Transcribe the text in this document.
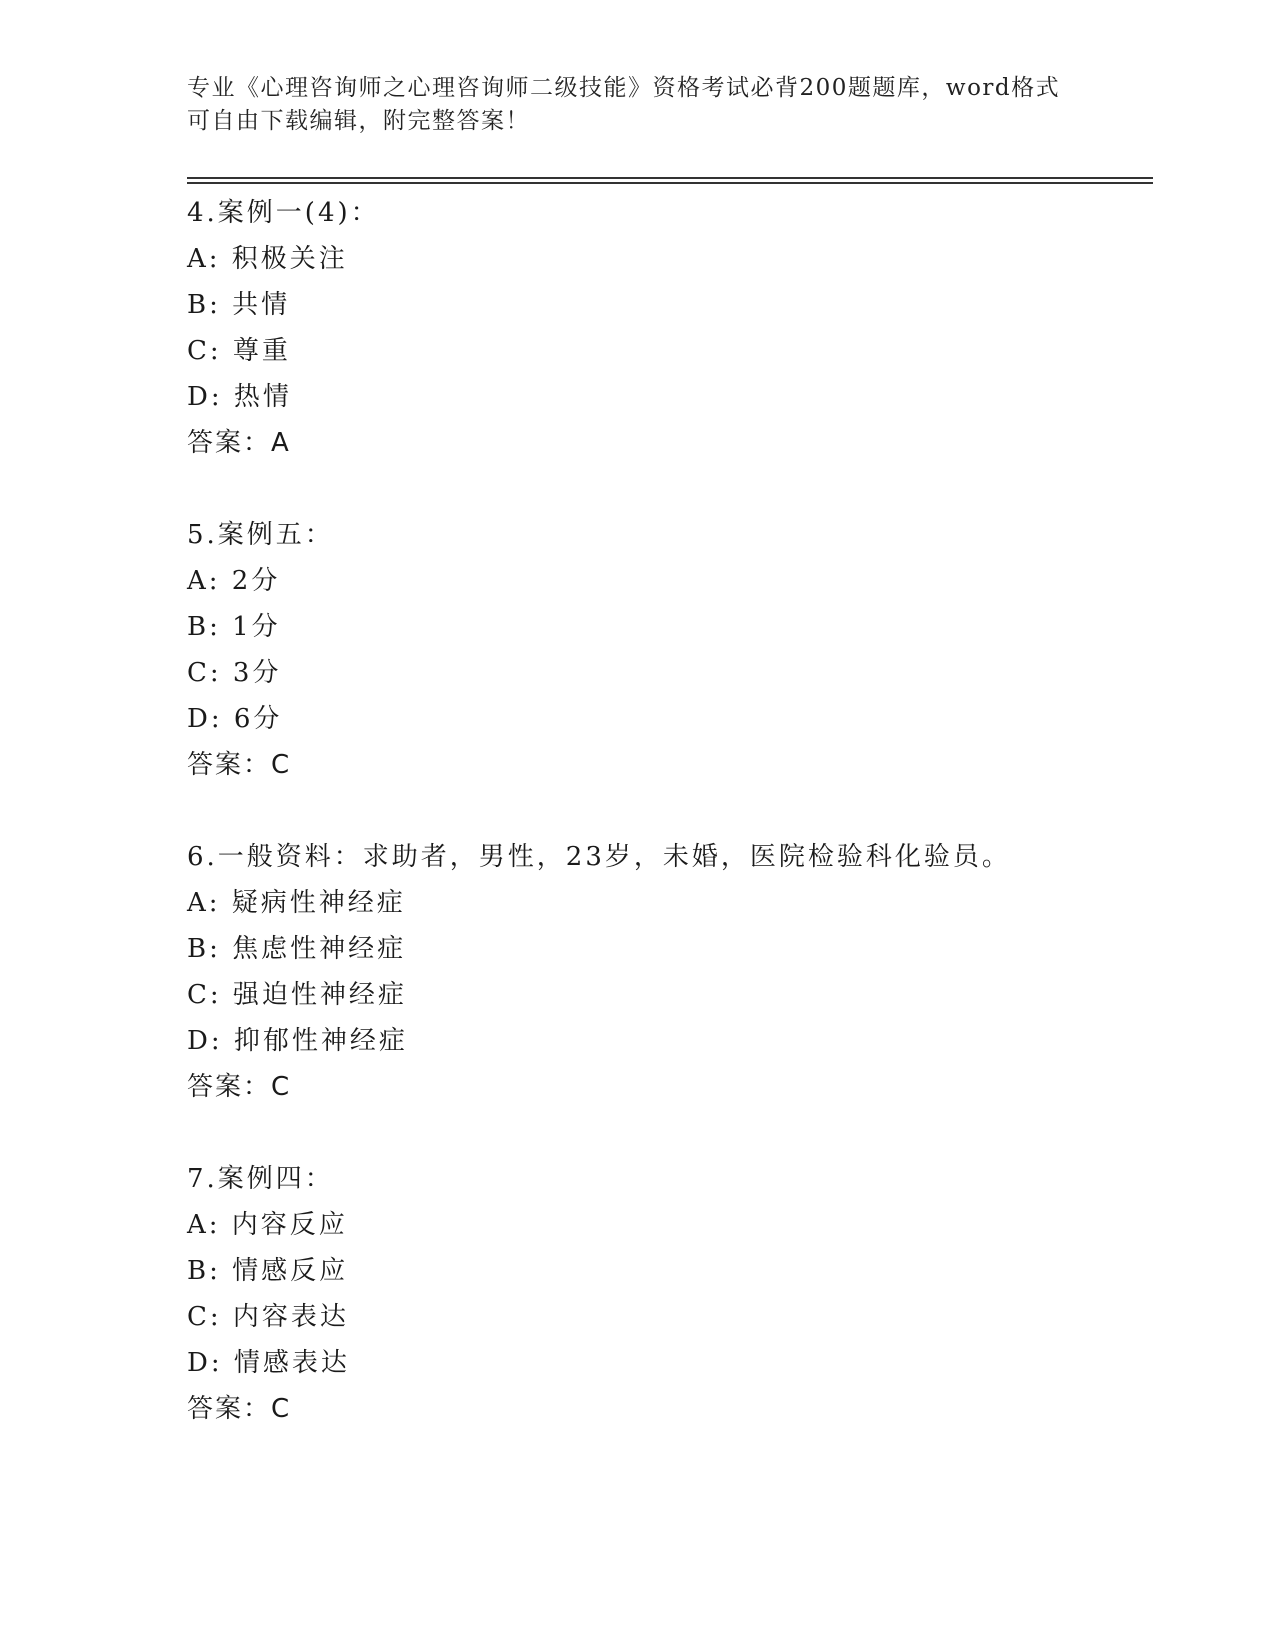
专业《心理咨询师之心理咨询师二级技能》资格考试必背200题题库，word格式
可自由下载编辑，附完整答案！
4.案例一(4)：
A: 积极关注
B: 共情
C: 尊重
D: 热情
答案：A
5.案例五：
A: 2分
B: 1分
C: 3分
D: 6分
答案：C
6.一般资料：求助者，男性，23岁，未婚，医院检验科化验员。
A: 疑病性神经症
B: 焦虑性神经症
C: 强迫性神经症
D: 抑郁性神经症
答案：C
7.案例四：
A: 内容反应
B: 情感反应
C: 内容表达
D: 情感表达
答案：C
